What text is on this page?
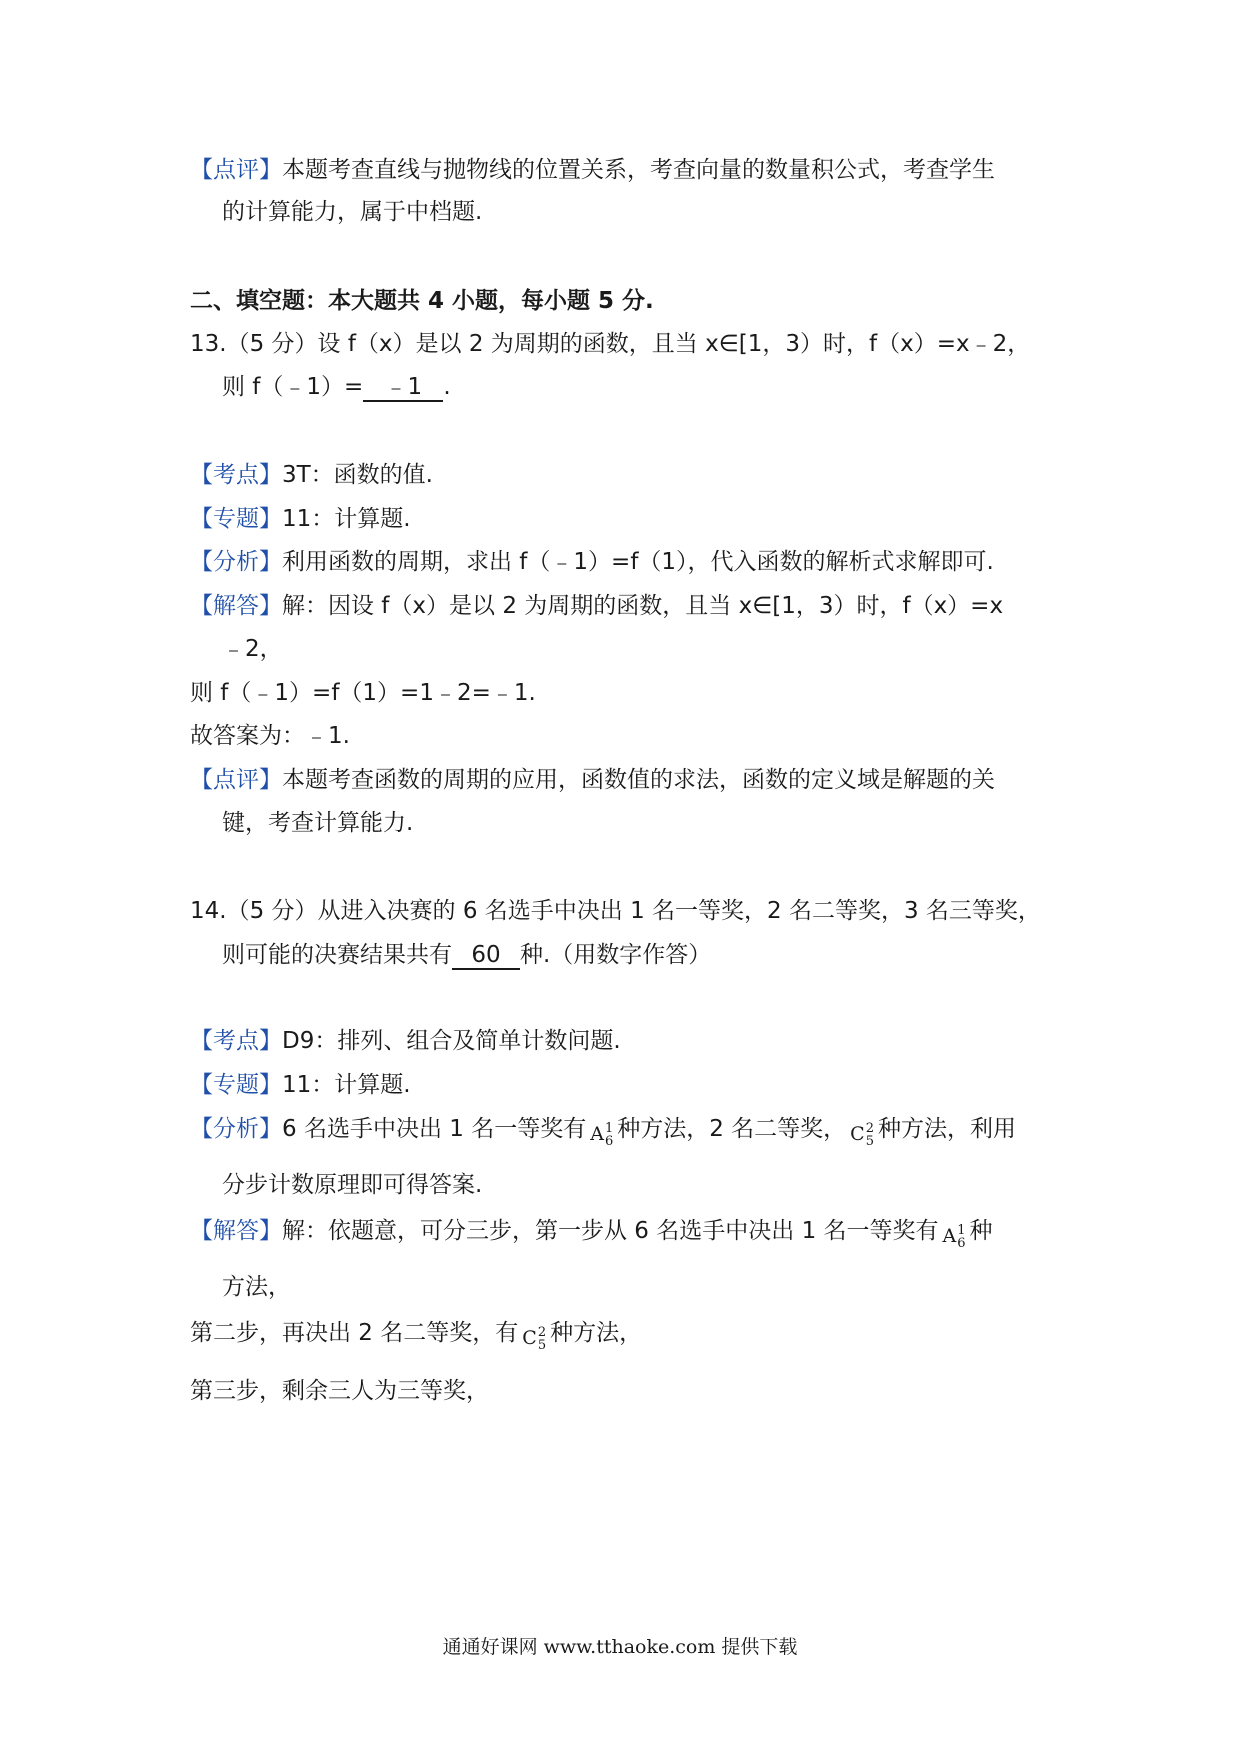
【点评】本题考查直线与抛物线的位置关系，考查向量的数量积公式，考查学生
的计算能力，属于中档题.
二、填空题：本大题共 4 小题，每小题 5 分.
13.（5 分）设 f（x）是以 2 为周期的函数，且当 x∈[1，3）时，f（x）=x﹣2，
则 f（﹣1）= ﹣1 .
【考点】3T：函数的值.
【专题】11：计算题.
【分析】利用函数的周期，求出 f（﹣1）=f（1），代入函数的解析式求解即可.
【解答】解：因设 f（x）是以 2 为周期的函数，且当 x∈[1，3）时，f（x）=x
﹣2，
则 f（﹣1）=f（1）=1﹣2=﹣1.
故答案为：﹣1.
【点评】本题考查函数的周期的应用，函数值的求法，函数的定义域是解题的关
键，考查计算能力.
14.（5 分）从进入决赛的 6 名选手中决出 1 名一等奖，2 名二等奖，3 名三等奖，
则可能的决赛结果共有 60 种.（用数字作答）
【考点】D9：排列、组合及简单计数问题.
【专题】11：计算题.
【分析】6 名选手中决出 1 名一等奖有 A 1
6 种方法，2 名二等奖， C 2
5 种方法，利用
分步计数原理即可得答案.
【解答】解：依题意，可分三步，第一步从 6 名选手中决出 1 名一等奖有 A 1
6 种
方法，
第二步，再决出 2 名二等奖，有 C 2
5 种方法，
第三步，剩余三人为三等奖，
通通好课网 www.tthaoke.com 提供下载
